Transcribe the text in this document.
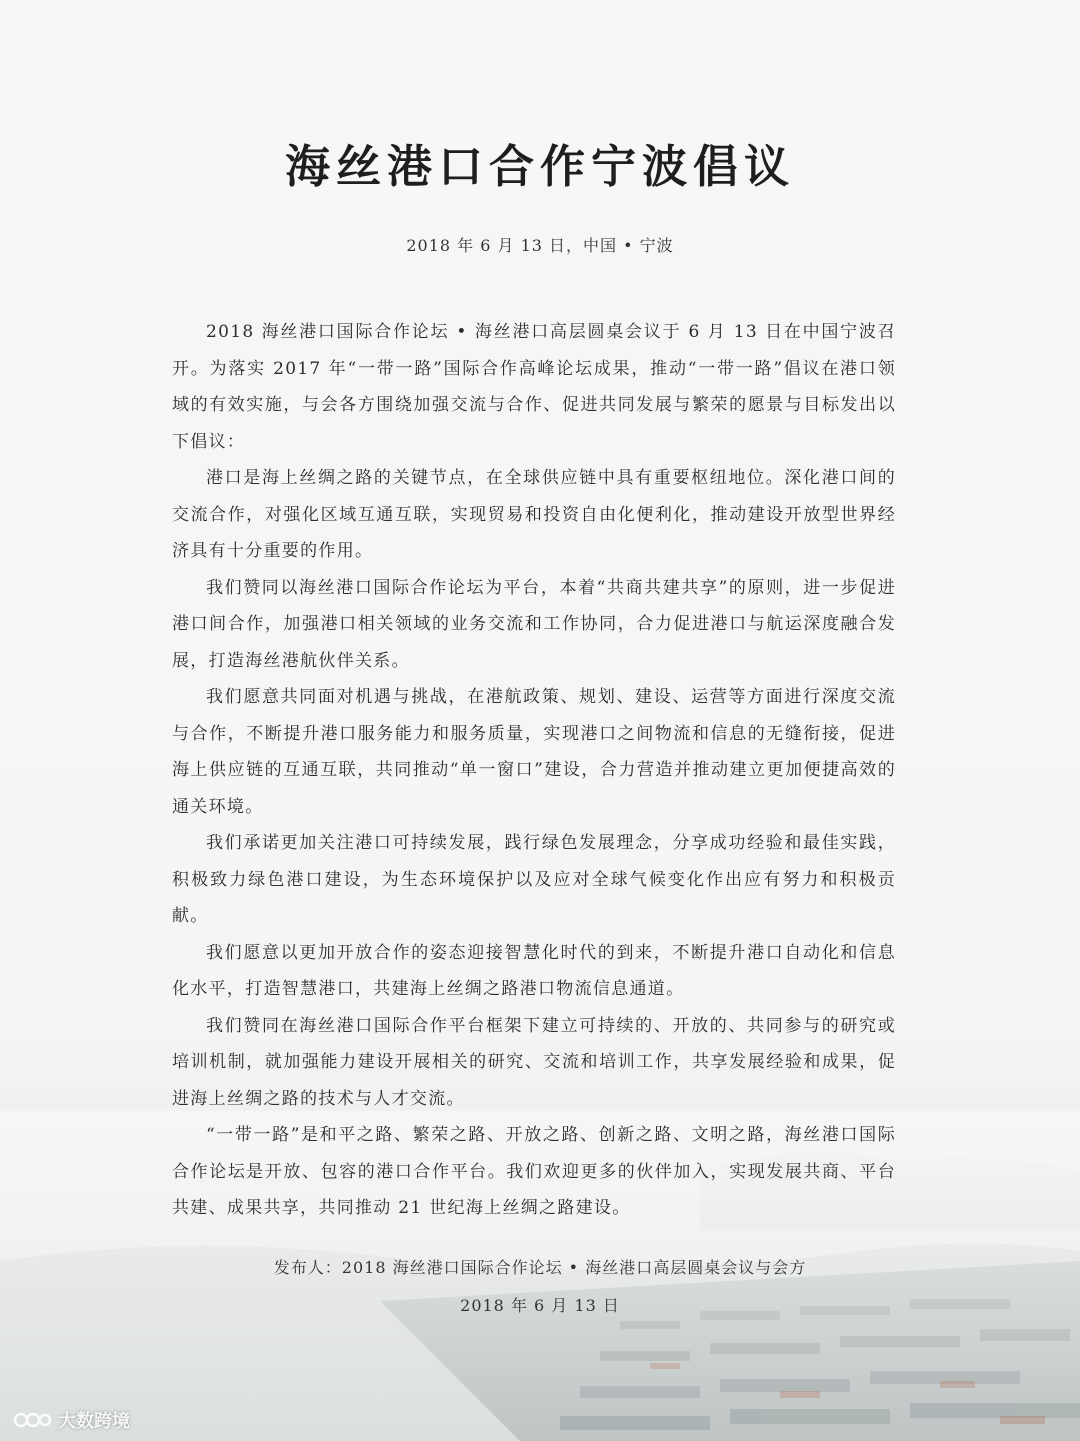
海丝港口合作宁波倡议
2018 年 6 月 13 日，中国 • 宁波

2018 海丝港口国际合作论坛 • 海丝港口高层圆桌会议于 6 月 13 日在中国宁波召开。为落实 2017 年“一带一路”国际合作高峰论坛成果，推动“一带一路”倡议在港口领域的有效实施，与会各方围绕加强交流与合作、促进共同发展与繁荣的愿景与目标发出以下倡议：

港口是海上丝绸之路的关键节点，在全球供应链中具有重要枢纽地位。深化港口间的交流合作，对强化区域互通互联，实现贸易和投资自由化便利化，推动建设开放型世界经济具有十分重要的作用。

我们赞同以海丝港口国际合作论坛为平台，本着“共商共建共享”的原则，进一步促进港口间合作，加强港口相关领域的业务交流和工作协同，合力促进港口与航运深度融合发展，打造海丝港航伙伴关系。

我们愿意共同面对机遇与挑战，在港航政策、规划、建设、运营等方面进行深度交流与合作，不断提升港口服务能力和服务质量，实现港口之间物流和信息的无缝衔接，促进海上供应链的互通互联，共同推动“单一窗口”建设，合力营造并推动建立更加便捷高效的通关环境。

我们承诺更加关注港口可持续发展，践行绿色发展理念，分享成功经验和最佳实践，积极致力绿色港口建设，为生态环境保护以及应对全球气候变化作出应有努力和积极贡献。

我们愿意以更加开放合作的姿态迎接智慧化时代的到来，不断提升港口自动化和信息化水平，打造智慧港口，共建海上丝绸之路港口物流信息通道。

我们赞同在海丝港口国际合作平台框架下建立可持续的、开放的、共同参与的研究或培训机制，就加强能力建设开展相关的研究、交流和培训工作，共享发展经验和成果，促进海上丝绸之路的技术与人才交流。

“一带一路”是和平之路、繁荣之路、开放之路、创新之路、文明之路，海丝港口国际合作论坛是开放、包容的港口合作平台。我们欢迎更多的伙伴加入，实现发展共商、平台共建、成果共享，共同推动 21 世纪海上丝绸之路建设。

发布人：2018 海丝港口国际合作论坛 • 海丝港口高层圆桌会议与会方
2018 年 6 月 13 日
大数跨境
